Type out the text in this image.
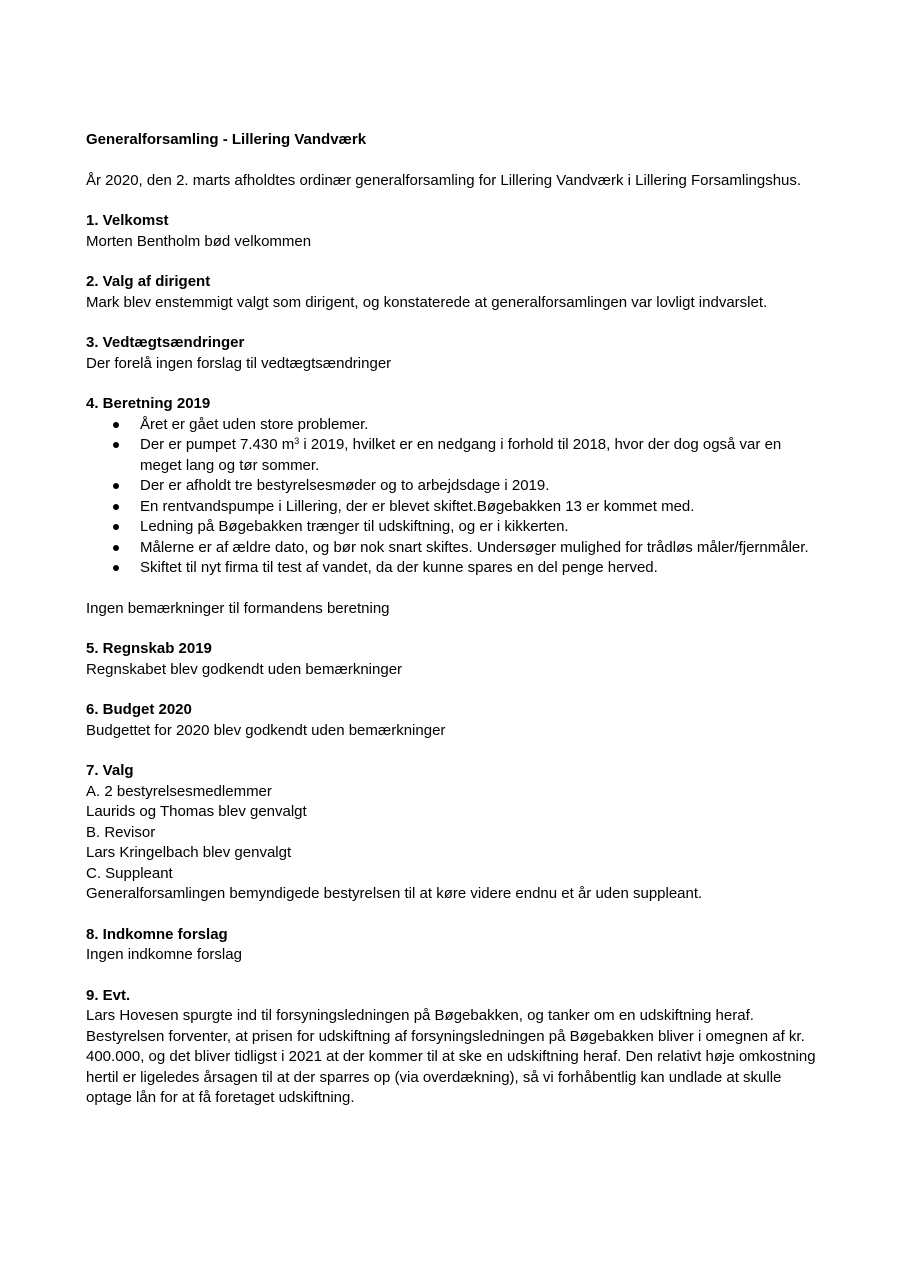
Generalforsamling - Lillering Vandværk
År 2020, den 2. marts afholdtes ordinær generalforsamling for Lillering Vandværk i Lillering Forsamlingshus.
1. Velkomst
Morten Bentholm bød velkommen
2. Valg af dirigent
Mark blev enstemmigt valgt som dirigent, og konstaterede at generalforsamlingen var lovligt indvarslet.
3. Vedtægtsændringer
Der forelå ingen forslag til vedtægtsændringer
4. Beretning 2019
Året er gået uden store problemer.
Der er pumpet 7.430 $m^3$ i 2019, hvilket er en nedgang i forhold til 2018, hvor der dog også var en meget lang og tør sommer.
Der er afholdt tre bestyrelsesmøder og to arbejdsdage i 2019.
En rentvandspumpe i Lillering, der er blevet skiftet.Bøgebakken 13 er kommet med.
Ledning på Bøgebakken trænger til udskiftning, og er i kikkerten.
Målerne er af ældre dato, og bør nok snart skiftes. Undersøger mulighed for trådløs måler/fjernmåler.
Skiftet til nyt firma til test af vandet, da der kunne spares en del penge herved.
Ingen bemærkninger til formandens beretning
5. Regnskab 2019
Regnskabet blev godkendt uden bemærkninger
6. Budget 2020
Budgettet for 2020 blev godkendt uden bemærkninger
7. Valg
A. 2 bestyrelsesmedlemmer
Laurids og Thomas blev genvalgt
B. Revisor
Lars Kringelbach blev genvalgt
C. Suppleant
Generalforsamlingen bemyndigede bestyrelsen til at køre videre endnu et år uden suppleant.
8. Indkomne forslag
Ingen indkomne forslag
9. Evt.
Lars Hovesen spurgte ind til forsyningsledningen på Bøgebakken, og tanker om en udskiftning heraf. Bestyrelsen forventer, at prisen for udskiftning af forsyningsledningen på Bøgebakken bliver i omegnen af kr. 400.000, og det bliver tidligst i 2021 at der kommer til at ske en udskiftning heraf. Den relativt høje omkostning hertil er ligeledes årsagen til at der sparres op (via overdækning), så vi forhåbentlig kan undlade at skulle optage lån for at få foretaget udskiftning.
